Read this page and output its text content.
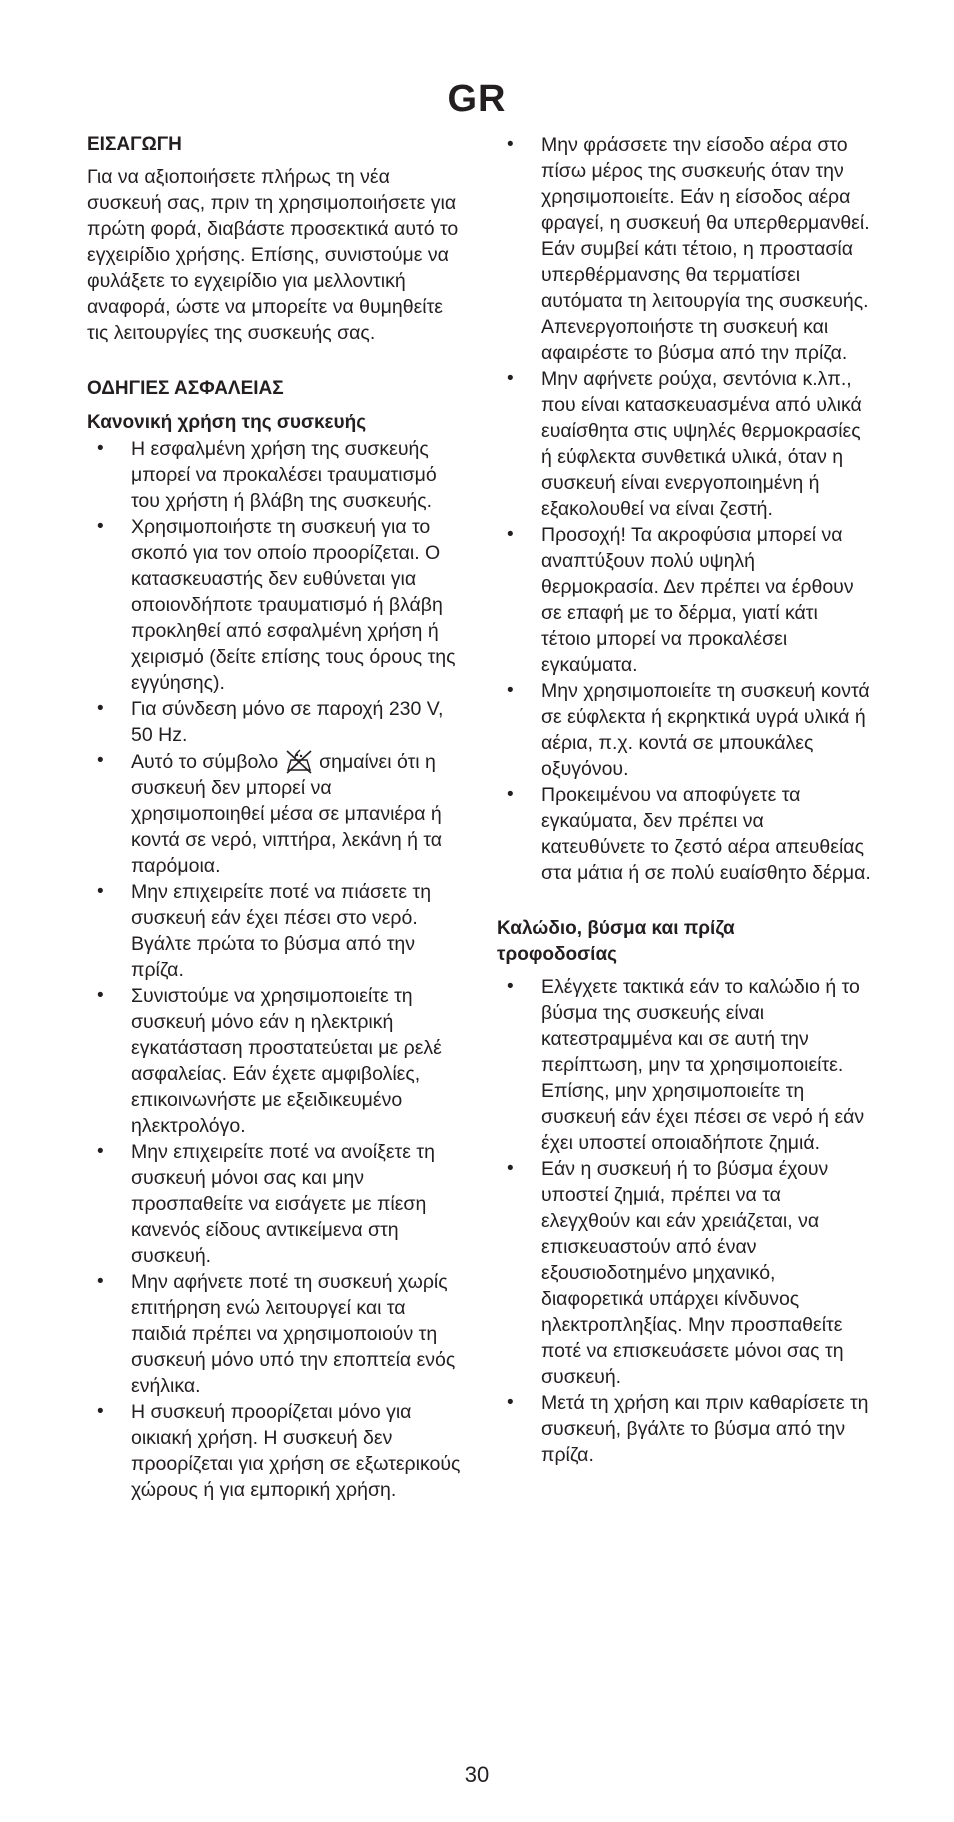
GR
ΕΙΣΑΓΩΓΗ

Για να αξιοποιήσετε πλήρως τη νέα συσκευή σας, πριν τη χρησιμοποιήσετε για πρώτη φορά, διαβάστε προσεκτικά αυτό το εγχειρίδιο χρήσης. Επίσης, συνιστούμε να φυλάξετε το εγχειρίδιο για μελλοντική αναφορά, ώστε να μπορείτε να θυμηθείτε τις λειτουργίες της συσκευής σας.

ΟΔΗΓΙΕΣ ΑΣΦΑΛΕΙΑΣ
Κανονική χρήση της συσκευής
• Η εσφαλμένη χρήση της συσκευής μπορεί να προκαλέσει τραυματισμό του χρήστη ή βλάβη της συσκευής.
• Χρησιμοποιήστε τη συσκευή για το σκοπό για τον οποίο προορίζεται. Ο κατασκευαστής δεν ευθύνεται για οποιονδήποτε τραυματισμό ή βλάβη προκληθεί από εσφαλμένη χρήση ή χειρισμό (δείτε επίσης τους όρους της εγγύησης).
• Για σύνδεση μόνο σε παροχή 230 V, 50 Hz.
• Αυτό το σύμβολο  σημαίνει ότι η συσκευή δεν μπορεί να χρησιμοποιηθεί μέσα σε μπανιέρα ή κοντά σε νερό, νιπτήρα, λεκάνη ή τα παρόμοια.
• Μην επιχειρείτε ποτέ να πιάσετε τη συσκευή εάν έχει πέσει στο νερό. Βγάλτε πρώτα το βύσμα από την πρίζα.
• Συνιστούμε να χρησιμοποιείτε τη συσκευή μόνο εάν η ηλεκτρική εγκατάσταση προστατεύεται με ρελέ ασφαλείας. Εάν έχετε αμφιβολίες, επικοινωνήστε με εξειδικευμένο ηλεκτρολόγο.
• Μην επιχειρείτε ποτέ να ανοίξετε τη συσκευή μόνοι σας και μην προσπαθείτε να εισάγετε με πίεση κανενός είδους αντικείμενα στη συσκευή.
• Μην αφήνετε ποτέ τη συσκευή χωρίς επιτήρηση ενώ λειτουργεί και τα παιδιά πρέπει να χρησιμοποιούν τη συσκευή μόνο υπό την εποπτεία ενός ενήλικα.
• Η συσκευή προορίζεται μόνο για οικιακή χρήση. Η συσκευή δεν προορίζεται για χρήση σε εξωτερικούς χώρους ή για εμπορική χρήση.
• Μην φράσσετε την είσοδο αέρα στο πίσω μέρος της συσκευής όταν την χρησιμοποιείτε. Εάν η είσοδος αέρα φραγεί, η συσκευή θα υπερθερμανθεί. Εάν συμβεί κάτι τέτοιο, η προστασία υπερθέρμανσης θα τερματίσει αυτόματα τη λειτουργία της συσκευής. Απενεργοποιήστε τη συσκευή και αφαιρέστε το βύσμα από την πρίζα.
• Μην αφήνετε ρούχα, σεντόνια κ.λπ., που είναι κατασκευασμένα από υλικά ευαίσθητα στις υψηλές θερμοκρασίες ή εύφλεκτα συνθετικά υλικά, όταν η συσκευή είναι ενεργοποιημένη ή εξακολουθεί να είναι ζεστή.
• Προσοχή! Τα ακροφύσια μπορεί να αναπτύξουν πολύ υψηλή θερμοκρασία. Δεν πρέπει να έρθουν σε επαφή με το δέρμα, γιατί κάτι τέτοιο μπορεί να προκαλέσει εγκαύματα.
• Μην χρησιμοποιείτε τη συσκευή κοντά σε εύφλεκτα ή εκρηκτικά υγρά υλικά ή αέρια, π.χ. κοντά σε μπουκάλες οξυγόνου.
• Προκειμένου να αποφύγετε τα εγκαύματα, δεν πρέπει να κατευθύνετε το ζεστό αέρα απευθείας στα μάτια ή σε πολύ ευαίσθητο δέρμα.
Καλώδιο, βύσμα και πρίζα τροφοδοσίας
• Ελέγχετε τακτικά εάν το καλώδιο ή το βύσμα της συσκευής είναι κατεστραμμένα και σε αυτή την περίπτωση, μην τα χρησιμοποιείτε. Επίσης, μην χρησιμοποιείτε τη συσκευή εάν έχει πέσει σε νερό ή εάν έχει υποστεί οποιαδήποτε ζημιά.
• Εάν η συσκευή ή το βύσμα έχουν υποστεί ζημιά, πρέπει να τα ελεγχθούν και εάν χρειάζεται, να επισκευαστούν από έναν εξουσιοδοτημένο μηχανικό, διαφορετικά υπάρχει κίνδυνος ηλεκτροπληξίας. Μην προσπαθείτε ποτέ να επισκευάσετε μόνοι σας τη συσκευή.
• Μετά τη χρήση και πριν καθαρίσετε τη συσκευή, βγάλτε το βύσμα από την πρίζα.
30
